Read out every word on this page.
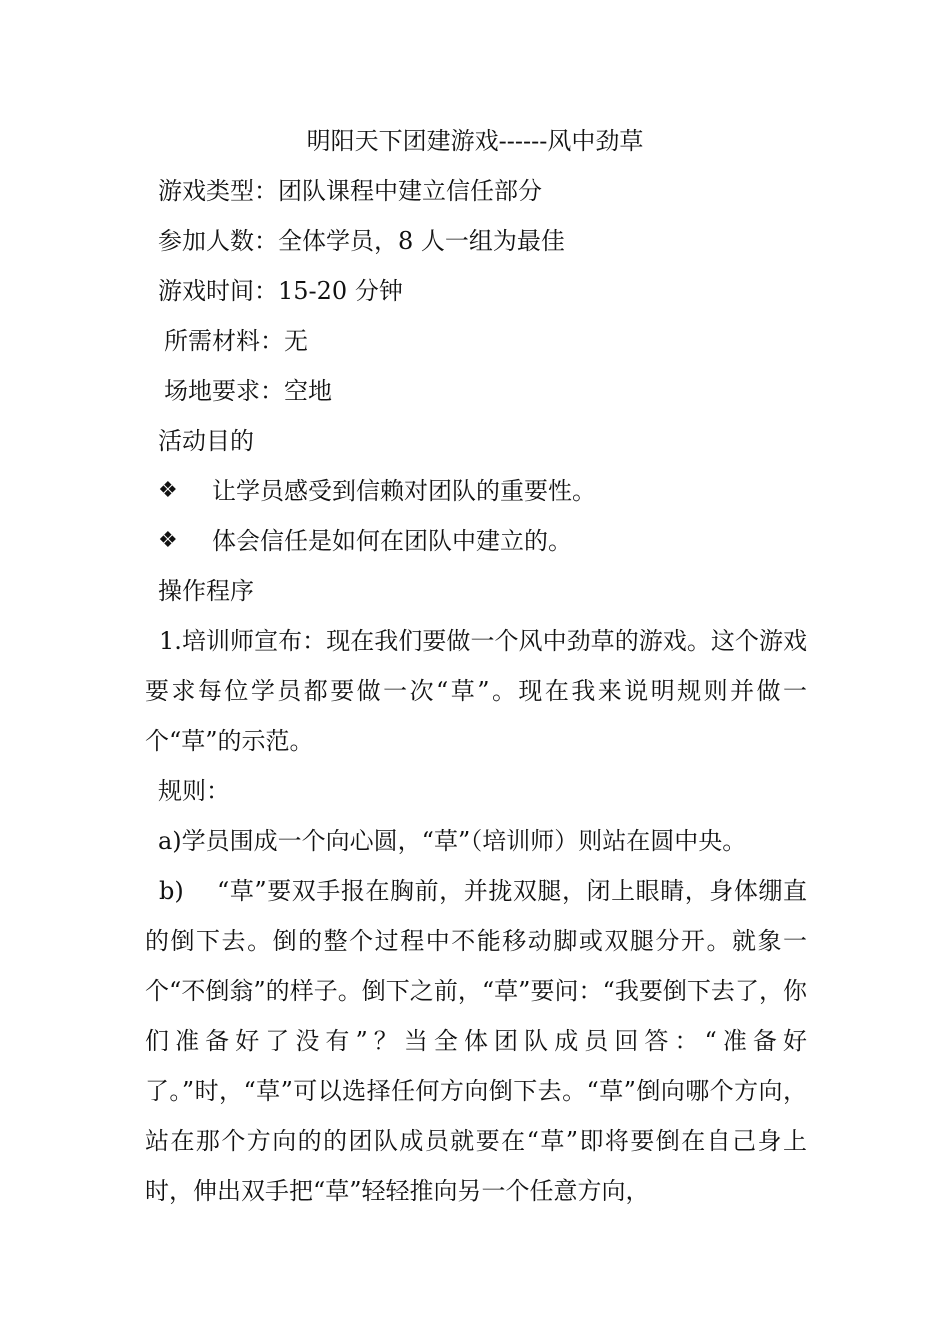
明阳天下团建游戏------风中劲草
游戏类型：团队课程中建立信任部分
参加人数：全体学员，8 人一组为最佳
游戏时间：15-20 分钟
所需材料：无
场地要求：空地
活动目的
❖ 让学员感受到信赖对团队的重要性。
❖ 体会信任是如何在团队中建立的。
操作程序

1.培训师宣布：现在我们要做一个风中劲草的游戏。这个游戏要求每位学员都要做一次“草”。现在我来说明规则并做一个“草”的示范。

规则：
a)学员围成一个向心圆，“草”（培训师）则站在圆中央。

b)　 “草”要双手报在胸前，并拢双腿，闭上眼睛，身体绷直的倒下去。倒的整个过程中不能移动脚或双腿分开。就象一个“不倒翁”的样子。倒下之前，“草”要问：“我要倒下去了，你们准备好了没有”？当全体团队成员回答：“准备好了。”时，“草”可以选择任何方向倒下去。“草”倒向哪个方向，站在那个方向的的团队成员就要在“草”即将要倒在自己身上时，伸出双手把“草”轻轻推向另一个任意方向，
